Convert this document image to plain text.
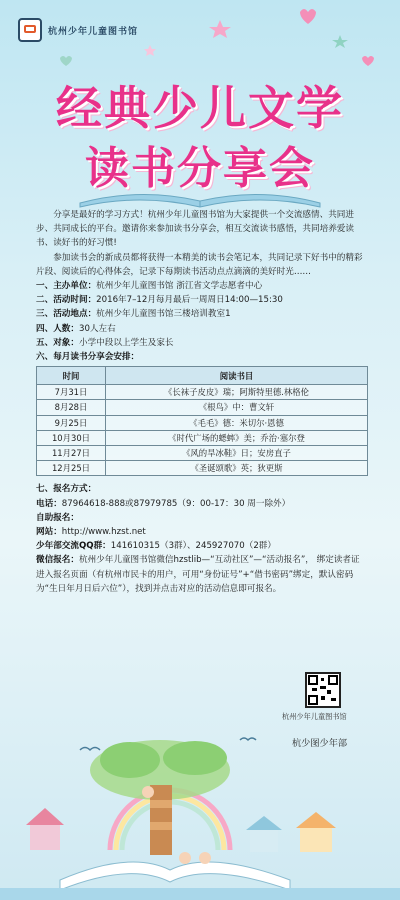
杭州少年儿童图书馆
经典少儿文学
读书分享会

分享是最好的学习方式！杭州少年儿童图书馆为大家提供一个交流感情、共同进步、共同成长的平台。邀请你来参加读书分享会，相互交流读书感悟，共同培养爱读书、读好书的好习惯!

参加读书会的新成员都将获得一本精美的读书会笔记本，共同记录下好书中的精彩片段、阅读后的心得体会，记录下每期读书活动点点滴滴的美好时光……

一、主办单位：杭州少年儿童图书馆 浙江省文学志愿者中心

二、活动时间：2016年7–12月每月最后一周周日14:00—15:30

三、活动地点：杭州少年儿童图书馆三楼培训教室1

四、人数：30人左右

五、对象：小学中段以上学生及家长

六、每月读书分享会安排：

时间	阅读书目
7月31日	《长袜子皮皮》瑞；阿斯特里德.林格伦
8月28日	《根鸟》中：曹文轩
9月25日	《毛毛》德：米切尔·恩德
10月30日	《时代广场的蟋蟀》美；乔治·塞尔登
11月27日	《风的旱冰鞋》日；安房直子
12月25日	《圣诞颂歌》英；狄更斯

七、报名方式：

电话：87964618-888或87979785（9：00-17：30 周一除外）

自助报名：

网站：http://www.hzst.net

少年部交流QQ群：141610315（3群）、245927070（2群）

微信报名：杭州少年儿童图书馆微信hzstlib—“互动社区”—“活动报名”， 绑定读者证进入报名页面（有杭州市民卡的用户，可用“身份证号”+“借书密码”绑定，默认密码为“生日年月日后六位”），找到并点击对应的活动信息即可报名。

杭州少年儿童图书馆
杭少图少年部
